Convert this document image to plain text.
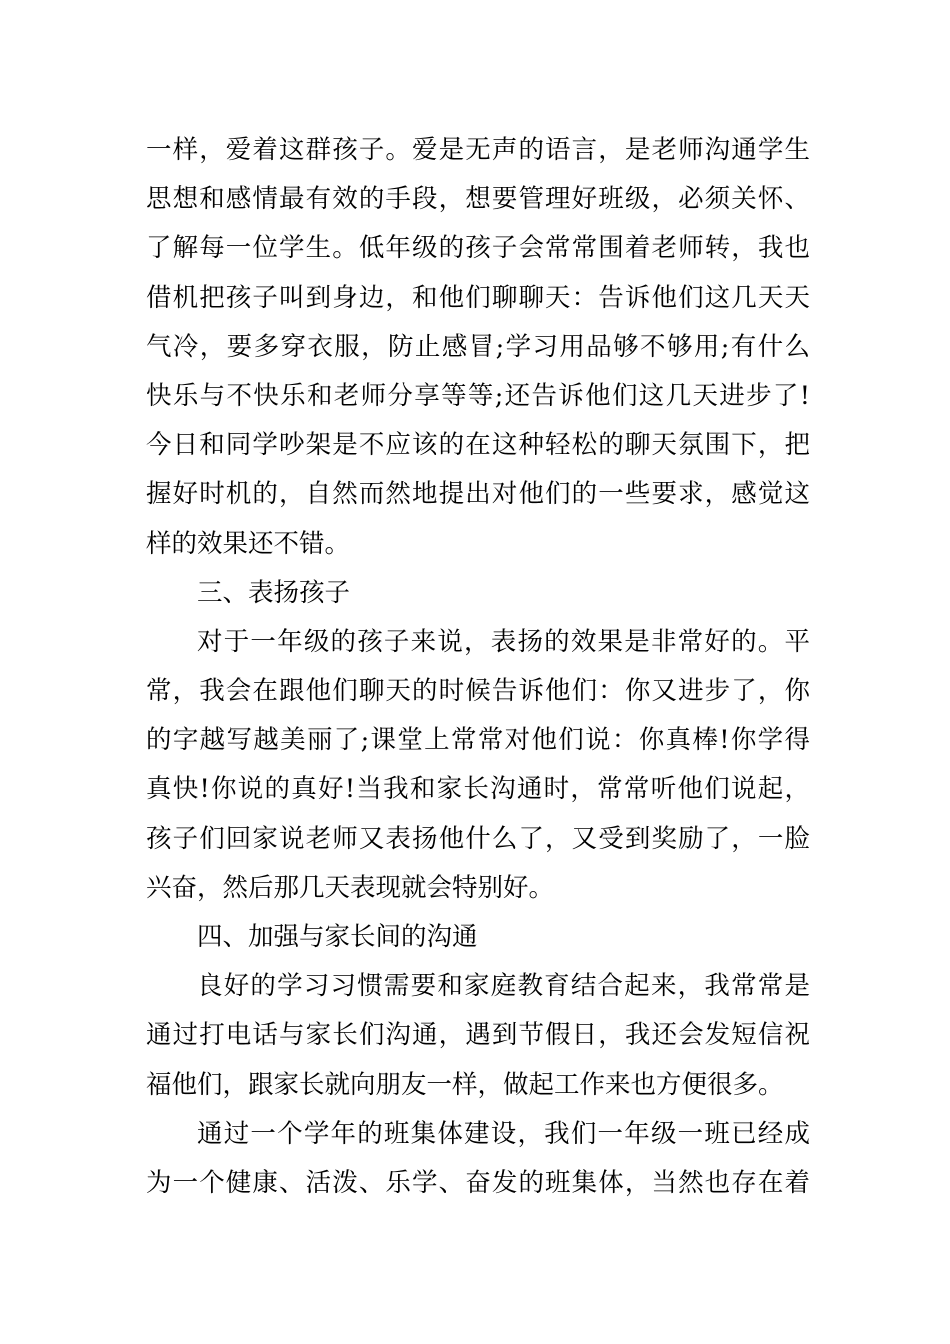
一样，爱着这群孩子。爱是无声的语言，是老师沟通学生
思想和感情最有效的手段，想要管理好班级，必须关怀、
了解每一位学生。低年级的孩子会常常围着老师转，我也
借机把孩子叫到身边，和他们聊聊天：告诉他们这几天天
气冷，要多穿衣服，防止感冒;学习用品够不够用;有什么
快乐与不快乐和老师分享等等;还告诉他们这几天进步了!
今日和同学吵架是不应该的在这种轻松的聊天氛围下，把
握好时机的，自然而然地提出对他们的一些要求，感觉这
样的效果还不错。
三、表扬孩子
对于一年级的孩子来说，表扬的效果是非常好的。平
常，我会在跟他们聊天的时候告诉他们：你又进步了，你
的字越写越美丽了;课堂上常常对他们说：你真棒!你学得
真快!你说的真好!当我和家长沟通时，常常听他们说起，
孩子们回家说老师又表扬他什么了，又受到奖励了，一脸
兴奋，然后那几天表现就会特别好。
四、加强与家长间的沟通
良好的学习习惯需要和家庭教育结合起来，我常常是
通过打电话与家长们沟通，遇到节假日，我还会发短信祝
福他们，跟家长就向朋友一样，做起工作来也方便很多。
通过一个学年的班集体建设，我们一年级一班已经成
为一个健康、活泼、乐学、奋发的班集体，当然也存在着
